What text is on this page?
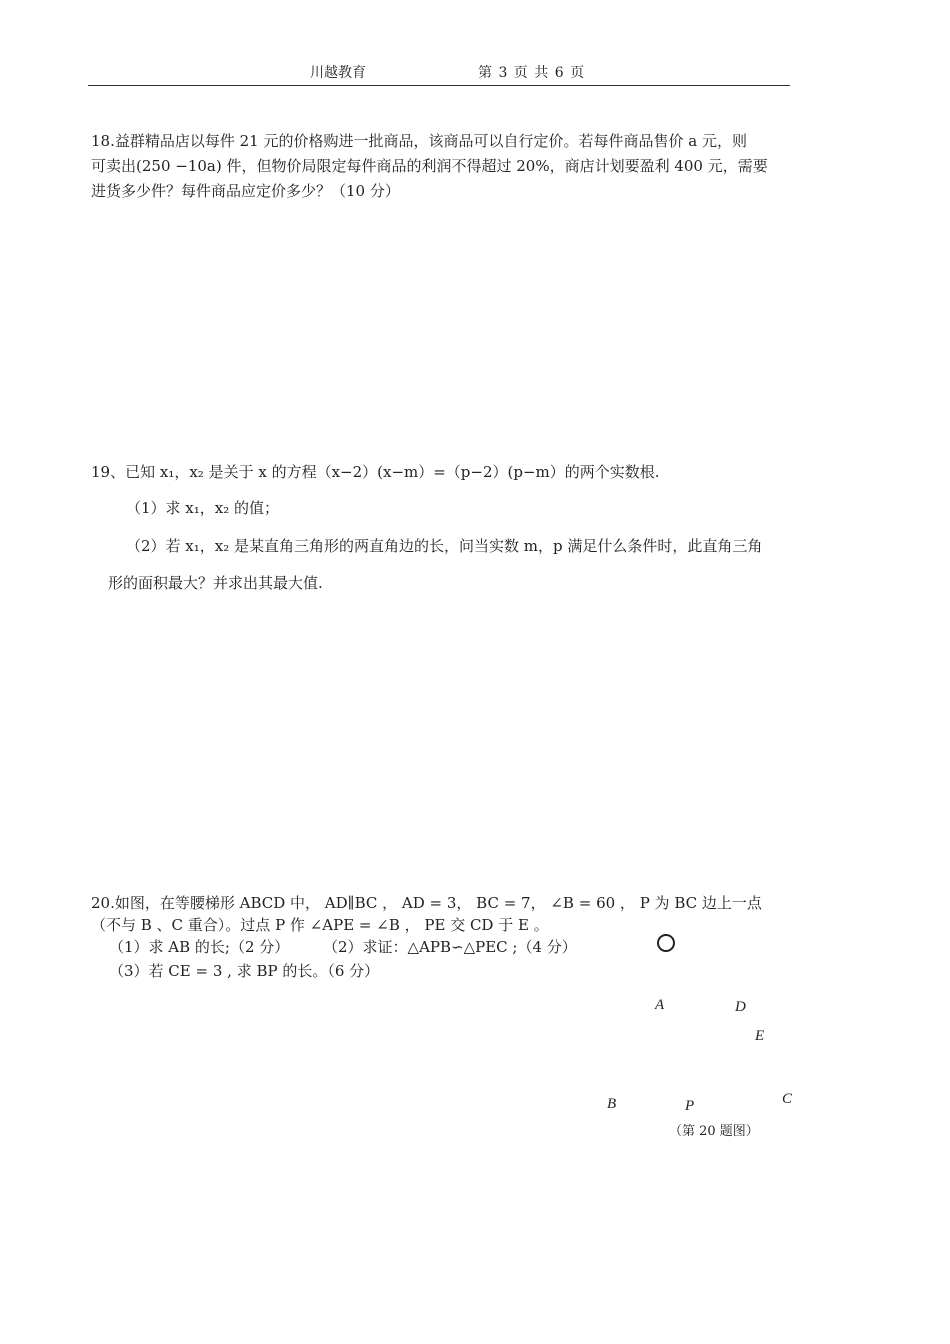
川越教育	第 3 页 共 6 页
18.益群精品店以每件 21 元的价格购进一批商品，该商品可以自行定价。若每件商品售价 a 元，则
可卖出(250 −10a) 件，但物价局限定每件商品的利润不得超过 20%，商店计划要盈利 400 元，需要
进货多少件？每件商品应定价多少？（10 分）
19、已知 x₁，x₂ 是关于 x 的方程（x−2）(x−m）=（p−2）(p−m）的两个实数根.
（1）求 x₁，x₂ 的值；
（2）若 x₁，x₂ 是某直角三角形的两直角边的长，问当实数 m，p 满足什么条件时，此直角三角
形的面积最大？并求出其最大值.
20.如图，在等腰梯形 ABCD 中， AD∥BC ， AD = 3， BC = 7， ∠B = 60 ， P 为 BC 边上一点
（不与 B 、C 重合）。过点 P 作 ∠APE = ∠B ， PE 交 CD 于 E 。
（1）求 AB 的长;（2 分） （2）求证：△APB∽△PEC ;（4 分）
（3）若 CE = 3 , 求 BP 的长。（6 分）
A	D
E
B	P	C
（第 20 题图）
